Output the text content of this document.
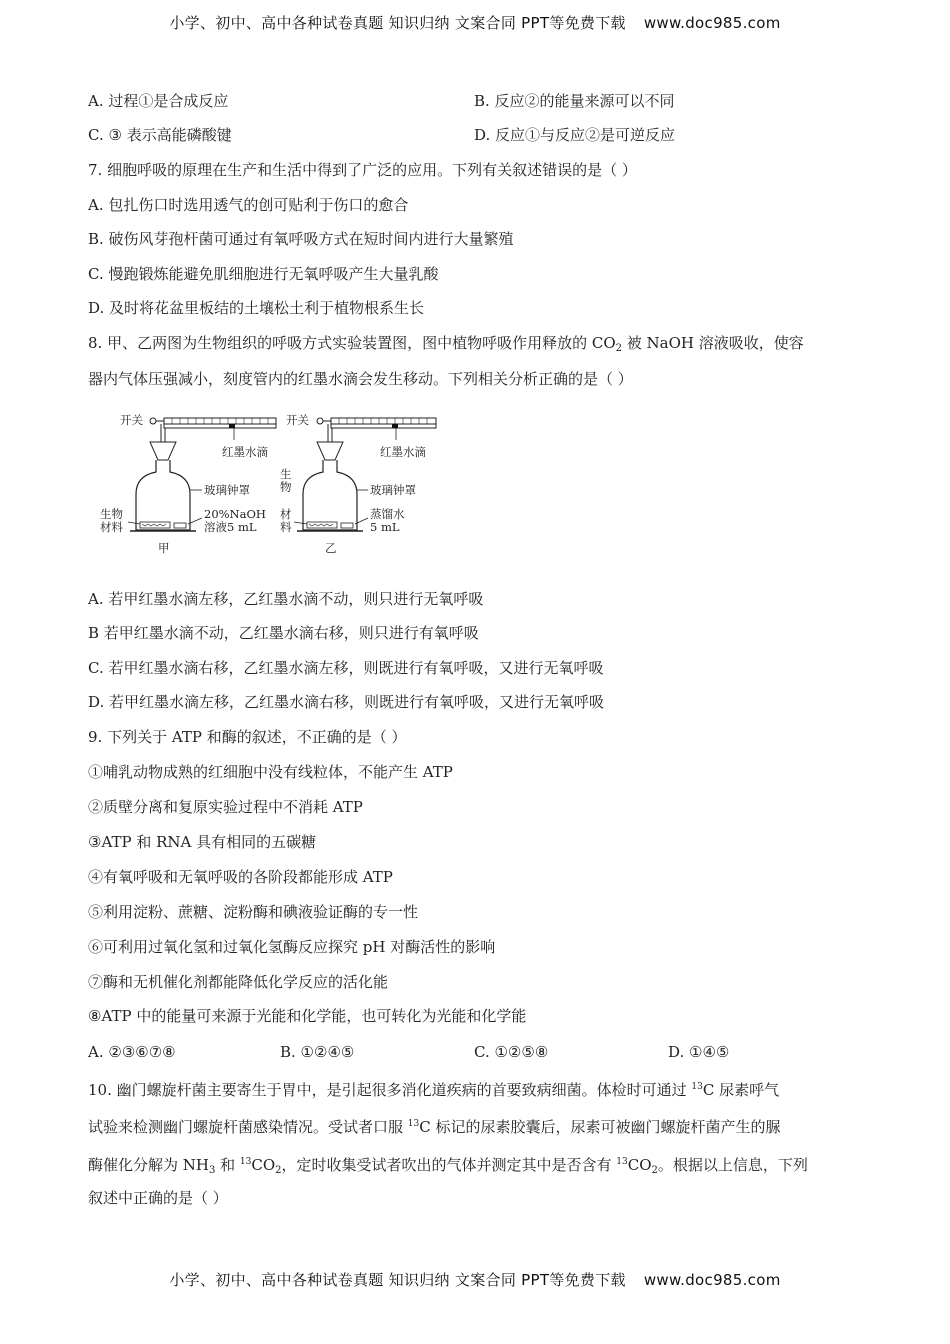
小学、初中、高中各种试卷真题 知识归纳 文案合同 PPT等免费下载 www.doc985.com
A. 过程①是合成反应	B. 反应②的能量来源可以不同
C. ③ 表示高能磷酸键	D. 反应①与反应②是可逆反应
7. 细胞呼吸的原理在生产和生活中得到了广泛的应用。下列有关叙述错误的是（ ）
A. 包扎伤口时选用透气的创可贴利于伤口的愈合
B. 破伤风芽孢杆菌可通过有氧呼吸方式在短时间内进行大量繁殖
C. 慢跑锻炼能避免肌细胞进行无氧呼吸产生大量乳酸
D. 及时将花盆里板结的土壤松土利于植物根系生长
8. 甲、乙两图为生物组织的呼吸方式实验装置图，图中植物呼吸作用释放的 $CO_2$ 被 NaOH 溶液吸收，使容
器内气体压强减小，刻度管内的红墨水滴会发生移动。下列相关分析正确的是（ ）
开关
红墨水滴
玻璃钟罩
生物
材料
20%NaOH
溶液5 mL
甲
开关
红墨水滴
玻璃钟罩
生
物
材
料
蒸馏水
5 mL
乙
A. 若甲红墨水滴左移，乙红墨水滴不动，则只进行无氧呼吸
B 若甲红墨水滴不动，乙红墨水滴右移，则只进行有氧呼吸
C. 若甲红墨水滴右移，乙红墨水滴左移，则既进行有氧呼吸，又进行无氧呼吸
D. 若甲红墨水滴左移，乙红墨水滴右移，则既进行有氧呼吸，又进行无氧呼吸
9. 下列关于 ATP 和酶的叙述，不正确的是（ ）
①哺乳动物成熟的红细胞中没有线粒体，不能产生 ATP
②质壁分离和复原实验过程中不消耗 ATP
③ATP 和 RNA 具有相同的五碳糖
④有氧呼吸和无氧呼吸的各阶段都能形成 ATP
⑤利用淀粉、蔗糖、淀粉酶和碘液验证酶的专一性
⑥可利用过氧化氢和过氧化氢酶反应探究 pH 对酶活性的影响
⑦酶和无机催化剂都能降低化学反应的活化能
⑧ATP 中的能量可来源于光能和化学能，也可转化为光能和化学能
A. ②③⑥⑦⑧	B. ①②④⑤	C. ①②⑤⑧	D. ①④⑤
10. 幽门螺旋杆菌主要寄生于胃中，是引起很多消化道疾病的首要致病细菌。体检时可通过 $^{13}$C 尿素呼气
试验来检测幽门螺旋杆菌感染情况。受试者口服 $^{13}$C 标记的尿素胶囊后，尿素可被幽门螺旋杆菌产生的脲
酶催化分解为 $NH_3$ 和 $^{13}CO_2$，定时收集受试者吹出的气体并测定其中是否含有 $^{13}CO_2$。根据以上信息，下列
叙述中正确的是（ ）
小学、初中、高中各种试卷真题 知识归纳 文案合同 PPT等免费下载 www.doc985.com
